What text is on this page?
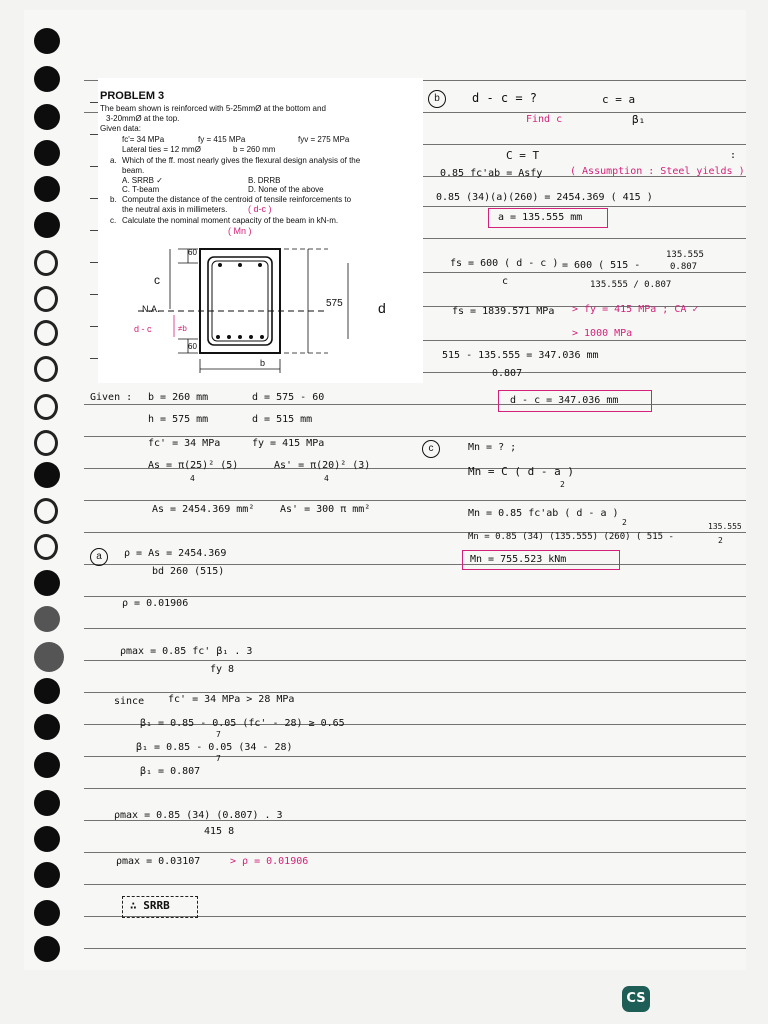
PROBLEM 3
The beam shown is reinforced with 5-25mmØ at the bottom and
3-20mmØ at the top.
Given data:
fc'= 34 MPa	fy = 415 MPa	fyv = 275 MPa
Lateral ties = 12 mmØ	b = 260 mm
a. Which of the ff. most nearly gives the flexural design analysis of the
beam.
A. SRRB ✓	B. DRRB
C. T-beam	D. None of the above
b. Compute the distance of the centroid of tensile reinforcements to
the neutral axis in millimeters. ( d-c )
c. Calculate the nominal moment capacity of the beam in kN-m.
( Mn )
60
60
c
N.A.
d - c	≠b
575	d
b
b	d - c = ?
Find c
c = a
β₁
C = T	:
0.85 fc'ab = Asfy	( Assumption : Steel yields )
0.85 (34)(a)(260) = 2454.369 ( 415 )
a = 135.555 mm
fs = 600 ( d - c )
c
= 600 ( 515 -
135.555
0.807
135.555 / 0.807
fs = 1839.571 MPa > fy = 415 MPa ; CA ✓
> 1000 MPa
515 - 135.555 = 347.036 mm
0.807
d - c = 347.036 mm
Given : b = 260 mm	d = 575 - 60
h = 575 mm	d = 515 mm
fc' = 34 MPa	fy = 415 MPa
As = π(25)² (5)
4
As' = π(20)² (3)
4
As = 2454.369 mm²	As' = 300 π mm²
c	Mn = ? ;
Mn = C ( d - a )
2
Mn = 0.85 fc'ab ( d - a )
2
Mn = 0.85 (34) (135.555) (260) ( 515 -
135.555
2
Mn = 755.523 kNm
a	ρ = As = 2454.369
bd 260 (515)
ρ = 0.01906
ρmax = 0.85 fc' β₁ . 3
fy 8
since fc' = 34 MPa > 28 MPa
β₁ = 0.85 - 0.05 (fc' - 28) ≥ 0.65
7
β₁ = 0.85 - 0.05 (34 - 28)
7
β₁ = 0.807
ρmax = 0.85 (34) (0.807) . 3
415 8
ρmax = 0.03107	> ρ = 0.01906
∴ SRRB
CS
